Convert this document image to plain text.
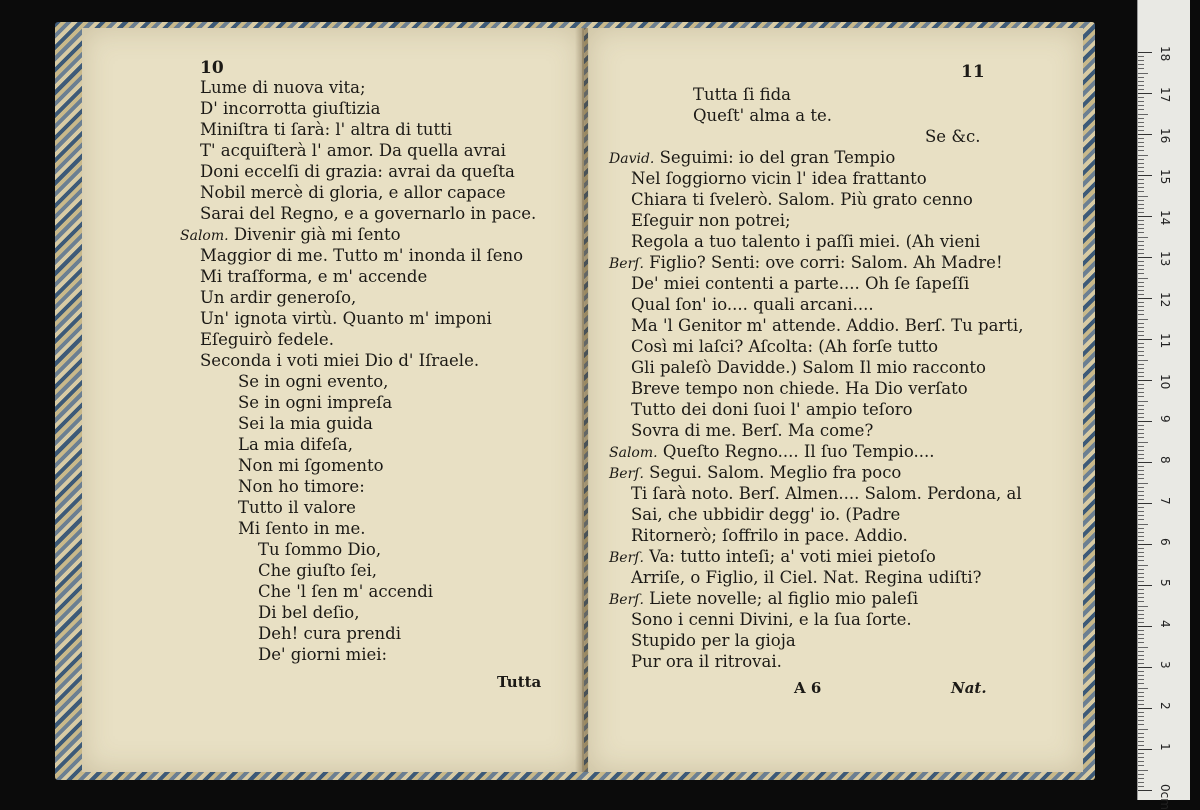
10
Lume di nuova vita;
D' incorrotta giuſtizia
Miniſtra ti ſarà: l' altra di tutti
T' acquiſterà l' amor. Da quella avrai
Doni eccelſi di grazia: avrai da queſta
Nobil mercè di gloria, e allor capace
Sarai del Regno, e a governarlo in pace.
Salom. Divenir già mi ſento
Maggior di me. Tutto m' inonda il ſeno
Mi traſforma, e m' accende
Un ardir generoſo,
Un' ignota virtù. Quanto m' imponi
Eſeguirò fedele.
Seconda i voti miei Dio d' Iſraele.
Se in ogni evento,
Se in ogni impreſa
Sei la mia guida
La mia difeſa,
Non mi ſgomento
Non ho timore:
Tutto il valore
Mi ſento in me.
Tu ſommo Dio,
Che giuſto ſei,
Che 'l ſen m' accendi
Di bel deſio,
Deh! cura prendi
De' giorni miei:
Tutta
11
Tutta ſi fida
Queſt' alma a te.
Se &c.
David. Seguimi: io del gran Tempio
Nel ſoggiorno vicin l' idea frattanto
Chiara ti ſvelerò. Salom. Più grato cenno
Eſeguir non potrei;
Regola a tuo talento i paſſi miei. (Ah vieni
Berſ. Figlio? Senti: ove corri: Salom. Ah Madre!
De' miei contenti a parte.... Oh ſe ſapeſſi
Qual ſon' io.... quali arcani....
Ma 'l Genitor m' attende. Addio. Berſ. Tu parti,
Così mi laſci? Aſcolta: (Ah forſe tutto
Gli paleſò Davidde.) Salom Il mio racconto
Breve tempo non chiede. Ha Dio verſato
Tutto dei doni ſuoi l' ampio teſoro
Sovra di me. Berſ. Ma come?
Salom. Queſto Regno.... Il ſuo Tempio....
Berſ. Segui. Salom. Meglio fra poco
Ti ſarà noto. Berſ. Almen.... Salom. Perdona, al
Sai, che ubbidir degg' io. (Padre
Ritornerò; ſoffrilo in pace. Addio.
Berſ. Va: tutto inteſi; a' voti miei pietoſo
Arriſe, o Figlio, il Ciel. Nat. Regina udiſti?
Berſ. Liete novelle; al figlio mio paleſi
Sono i cenni Divini, e la ſua ſorte.
Stupido per la gioja
Pur ora il ritrovai.
A 6	Nat.
0cm
1
2
3
4
5
6
7
8
9
10
11
12
13
14
15
16
17
18
